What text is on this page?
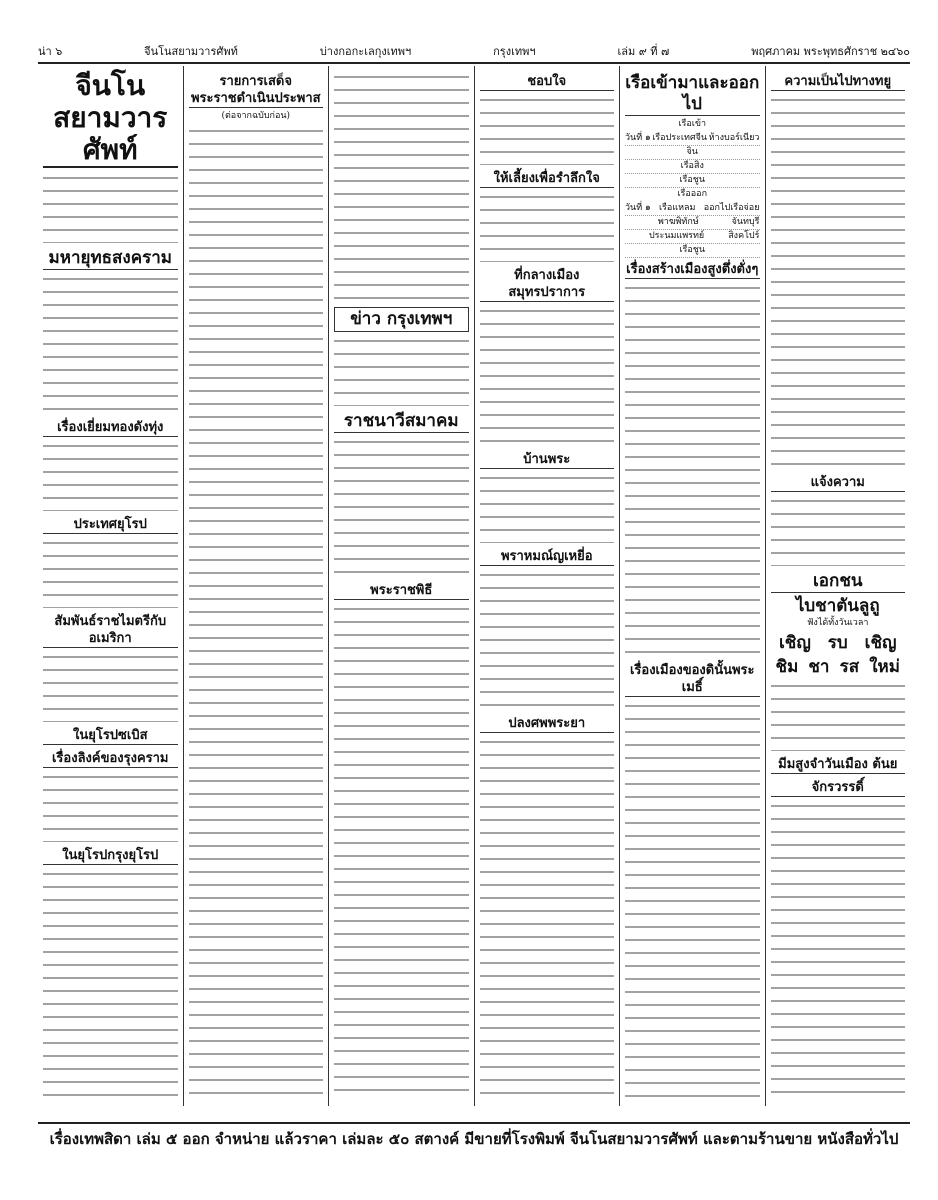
น่า ๖	จีนโนสยามวารศัพท์	บ่างกอกะเลกุงเทพฯ	กรุงเทพฯ	เล่ม ๙ ที่ ๗	พฤศภาคม พระพุทธศักราช ๒๔๖๐
จีนโนสยามวารศัพท์
มหายุทธสงคราม
เรื่องเยี่ยมทองดังทุ่ง
ประเทศยุโรป
สัมพันธ์ราชไมตรีกับอเมริกา
ในยุโรปซเบิส
เรื่องลิงค์ของรุงคราม
ในยุโรปกรุงยุโรป
รายการเสด็จพระราชดำเนินประพาส
(ต่อจากฉบับก่อน)
ข่าว กรุงเทพฯ
ราชนาวีสมาคม
พระราชพิธี
ชอบใจ
ให้เลี้ยงเพื่อรำลึกใจ
ที่กลางเมืองสมุทรปราการ
บ้านพระ
พราหมณ์ญเหยี่อ
ปลงศพพระยา
เรือเข้ามาและออกไป
เรือเข้า
วันที่ ๑ เรือประเทศจีน ห้างบอร์เนียว
จิน
เรือสิง
เรือชูน
เรือออก
วันที่ ๑ เรือแหลม ออกไปเรือจ่อย
พาฆพิทักษ์	จันทบุรี
ประนมแพรทย์	สิงคโปร์
เรือชูน
เรื่องสร้างเมืองสูงตึ่งตั่งๆ
เรื่องเมืองของดินั้นพระเมธิ์
ความเป็นไปทางทยู
แจ้งความ
เอกชน
ไบชาตันลูถู
ฟังได้ทั้งวันเวลา
เชิญ รบ เชิญ
ชิม ชา รส ใหม่
มีมสูงจำวันเมือง ต้นย
จักรวรรดิ์
เรื่องเทพสิดา เล่ม ๕ ออก จำหน่าย แล้วราคา เล่มละ ๕๐ สตางค์ มีขายที่โรงพิมพ์ จีนโนสยามวารศัพท์ และตามร้านขาย หนังสือทั่วไป
